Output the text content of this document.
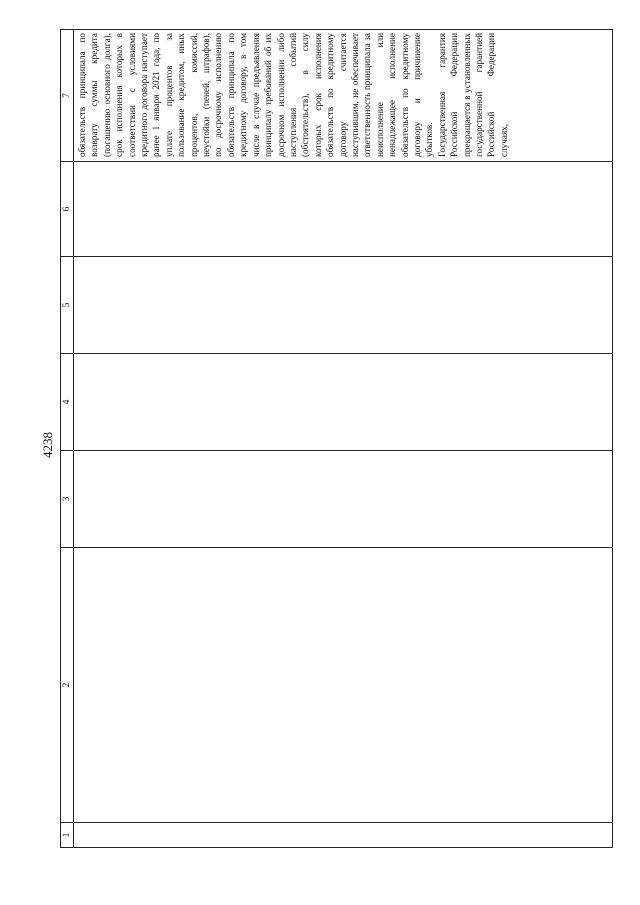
4238
1	2	3	4	5	6	7

						обязательств принципала по возврату суммы кредита (погашению основного долга), срок исполнения которых в соответствии с условиями кредитного договора наступает ранее 1 января 2021 года, по уплате процентов за пользование кредитом, иных процентов, комиссий, неустойки (пеней, штрафов), по досрочному исполнению обязательств принципала по кредитному договору, в том числе в случае предъявления принципалу требований об их досрочном исполнении либо наступления событий (обстоятельств), в силу которых срок исполнения обязательств по кредитному договору считается наступившим, не обеспечивает ответственность принципала за неисполнение или ненадлежащее исполнение обязательств по кредитному договору и причинение убытков. Государственная гарантия Российской Федерации прекращается в установленных государственной гарантией Российской Федерации случаях,
